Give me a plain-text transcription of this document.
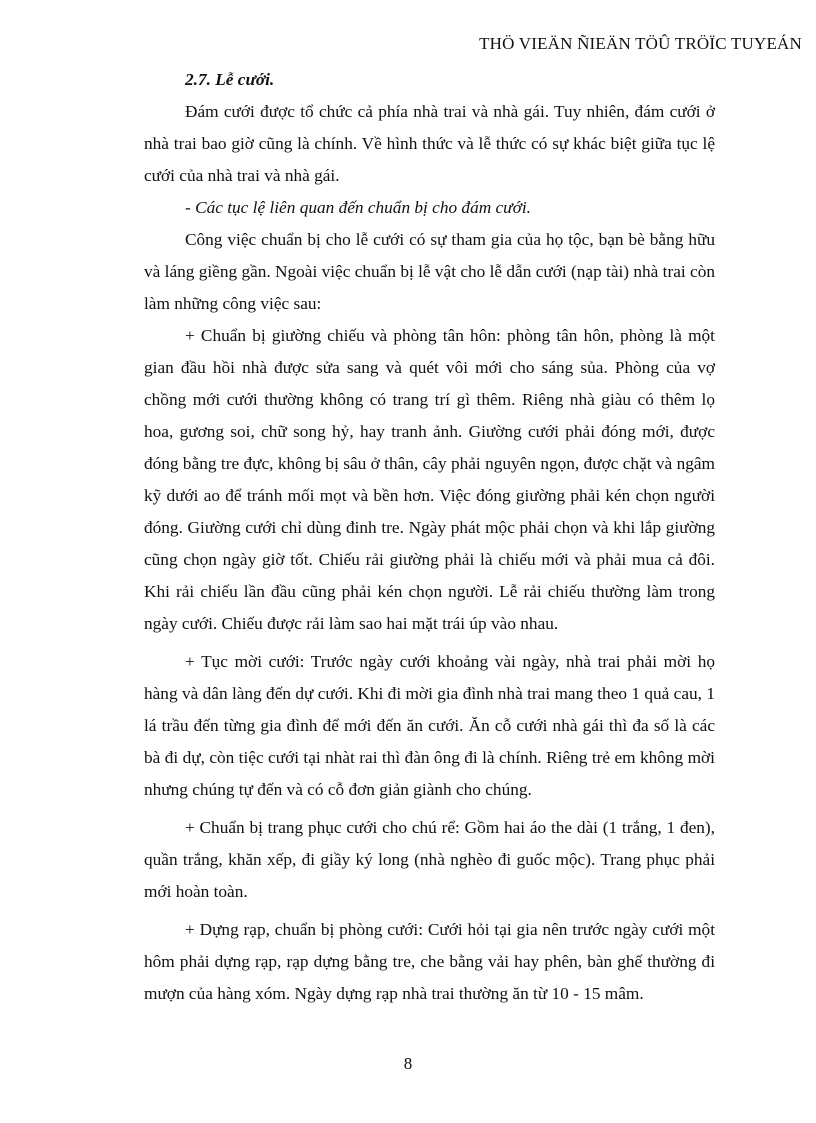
THÖ VIEÄN ÑIEÄN TÖÛ TRÖÏC TUYEÁN

2.7. Lễ cưới.

Đám cưới được tổ chức cả phía nhà trai và nhà gái. Tuy nhiên, đám cưới ở nhà trai bao giờ cũng là chính. Về hình thức và lễ thức có sự khác biệt giữa tục lệ cưới của nhà trai và nhà gái.

- Các tục lệ liên quan đến chuẩn bị cho đám cưới.

Công việc chuẩn bị cho lễ cưới có sự tham gia của họ tộc, bạn bè bằng hữu và láng giềng gần. Ngoài việc chuẩn bị lễ vật cho lễ dẫn cưới (nạp tài) nhà trai còn làm những công việc sau:

+ Chuẩn bị giường chiếu và phòng tân hôn: phòng tân hôn, phòng là một gian đầu hồi nhà được sửa sang và quét vôi mới cho sáng sủa. Phòng của vợ chồng mới cưới thường không có trang trí gì thêm. Riêng nhà giàu có thêm lọ hoa, gương soi, chữ song hỷ, hay tranh ảnh. Giường cưới phải đóng mới, được đóng bằng tre đực, không bị sâu ở thân, cây phải nguyên ngọn, được chặt và ngâm kỹ dưới ao để tránh mối mọt và bền hơn. Việc đóng giường phải kén chọn người đóng. Giường cưới chỉ dùng đinh tre. Ngày phát mộc phải chọn và khi lắp giường cũng chọn ngày giờ tốt. Chiếu rải giường phải là chiếu mới và phải mua cả đôi. Khi rải chiếu lần đầu cũng phải kén chọn người. Lễ rải chiếu thường làm trong ngày cưới. Chiếu được rải làm sao hai mặt trái úp vào nhau.

+ Tục mời cưới: Trước ngày cưới khoảng vài ngày, nhà trai phải mời họ hàng và dân làng đến dự cưới. Khi đi mời gia đình nhà trai mang theo 1 quả cau, 1 lá trầu đến từng gia đình để mới đến ăn cưới. Ăn cỗ cưới nhà gái thì đa số là các bà đi dự, còn tiệc cưới tại nhàt rai thì đàn ông đi là chính. Riêng trẻ em không mời nhưng chúng tự đến và có cỗ đơn giản giành cho chúng.

+ Chuẩn bị trang phục cưới cho chú rể: Gồm hai áo the dài (1 trắng, 1 đen), quần trắng, khăn xếp, đi giầy ký long (nhà nghèo đi guốc mộc). Trang phục phải mới hoàn toàn.

+ Dựng rạp, chuẩn bị phòng cưới: Cưới hỏi tại gia nên trước ngày cưới một hôm phải dựng rạp, rạp dựng bằng tre, che bằng vải hay phên, bàn ghế thường đi mượn của hàng xóm. Ngày dựng rạp nhà trai thường ăn từ 10 - 15 mâm.

8
